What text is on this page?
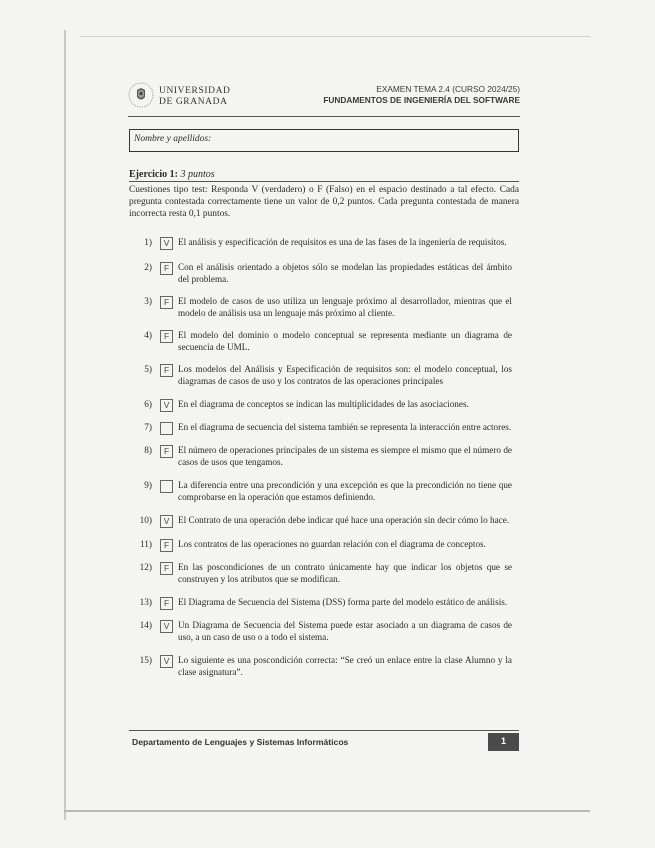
UNIVERSIDAD
DE GRANADA
EXAMEN TEMA 2.4 (CURSO 2024/25)
FUNDAMENTOS DE INGENIERÍA DEL SOFTWARE
Nombre y apellidos:
Ejercicio 1: 3 puntos
Cuestiones tipo test: Responda V (verdadero) o F (Falso) en el espacio destinado a tal efecto. Cada pregunta contestada correctamente tiene un valor de 0,2 puntos. Cada pregunta contestada de manera incorrecta resta 0,1 puntos.
1)	V El análisis y especificación de requisitos es una de las fases de la ingeniería de requisitos.
2)	F Con el análisis orientado a objetos sólo se modelan las propiedades estáticas del ámbito del problema.
3)	F El modelo de casos de uso utiliza un lenguaje próximo al desarrollador, mientras que el modelo de análisis usa un lenguaje más próximo al cliente.
4)	F El modelo del dominio o modelo conceptual se representa mediante un diagrama de secuencia de UML.
5)	F Los modelos del Análisis y Especificación de requisitos son: el modelo conceptual, los diagramas de casos de uso y los contratos de las operaciones principales
6)	V En el diagrama de conceptos se indican las multiplicidades de las asociaciones.
7)	En el diagrama de secuencia del sistema también se representa la interacción entre actores.
8)	F El número de operaciones principales de un sistema es siempre el mismo que el número de casos de usos que tengamos.
9)	La diferencia entre una precondición y una excepción es que la precondición no tiene que comprobarse en la operación que estamos definiendo.
10)	V El Contrato de una operación debe indicar qué hace una operación sin decir cómo lo hace.
11)	F Los contratos de las operaciones no guardan relación con el diagrama de conceptos.
12)	F En las poscondiciones de un contrato únicamente hay que indicar los objetos que se construyen y los atributos que se modifican.
13)	F El Diagrama de Secuencia del Sistema (DSS) forma parte del modelo estático de análisis.
14)	V Un Diagrama de Secuencia del Sistema puede estar asociado a un diagrama de casos de uso, a un caso de uso o a todo el sistema.
15)	V Lo siguiente es una poscondición correcta: “Se creó un enlace entre la clase Alumno y la clase asignatura”.
Departamento de Lenguajes y Sistemas Informáticos	1
